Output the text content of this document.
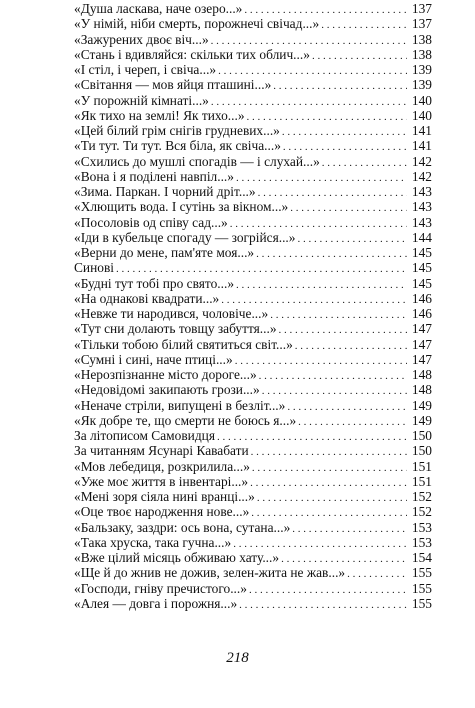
«Душа ласкава, наче озеро...» . . .	137
«У німій, ніби смерть, порожнечі свічад...» . . .	137
«Зажурених двоє віч...» . . .	138
«Стань і вдивляйся: скільки тих облич...» . . .	138
«І стіл, і череп, і свіча...» . . .	139
«Світання — мов яйця пташині...» . . .	139
«У порожній кімнаті...» . . .	140
«Як тихо на землі! Як тихо...» . . .	140
«Цей білий грім снігів грудневих...» . . .	141
«Ти тут. Ти тут. Вся біла, як свіча...» . . .	141
«Схились до мушлі спогадів — і слухай...» . . .	142
«Вона і я поділені навпіл...» . . .	142
«Зима. Паркан. І чорний дріт...» . . .	143
«Хлющить вода. І сутінь за вікном...» . . .	143
«Посоловів од співу сад...» . . .	143
«Іди в кубельце спогаду — зогрійся...» . . .	144
«Верни до мене, пам'яте моя...» . . .	145
Синові . . .	145
«Будні тут тобі про свято...» . . .	145
«На однакові квадрати...» . . .	146
«Невже ти народився, чоловіче...» . . .	146
«Тут сни долають товщу забуття...» . . .	147
«Тільки тобою білий святиться світ...» . . .	147
«Сумні і сині, наче птиці...» . . .	147
«Нерозпізнанне місто дороге...» . . .	148
«Недовідомі закипають грози...» . . .	148
«Неначе стріли, випущені в безліт...» . . .	149
«Як добре те, що смерти не боюсь я...» . . .	149
За літописом Самовидця . . .	150
За читанням Ясунарі Кавабати . . .	150
«Мов лебедиця, розкрилила...» . . .	151
«Уже моє життя в інвентарі...» . . .	151
«Мені зоря сіяла нині вранці...» . . .	152
«Оце твоє народження нове...» . . .	152
«Бальзаку, заздри: ось вона, сутана...» . . .	153
«Така хруска, така гучна...» . . .	153
«Вже цілий місяць обживаю хату...» . . .	154
«Ще й до жнив не дожив, зелен-жита не жав...» . . .	155
«Господи, гніву пречистого...» . . .	155
«Алея — довга і порожня...» . . .	155
218
